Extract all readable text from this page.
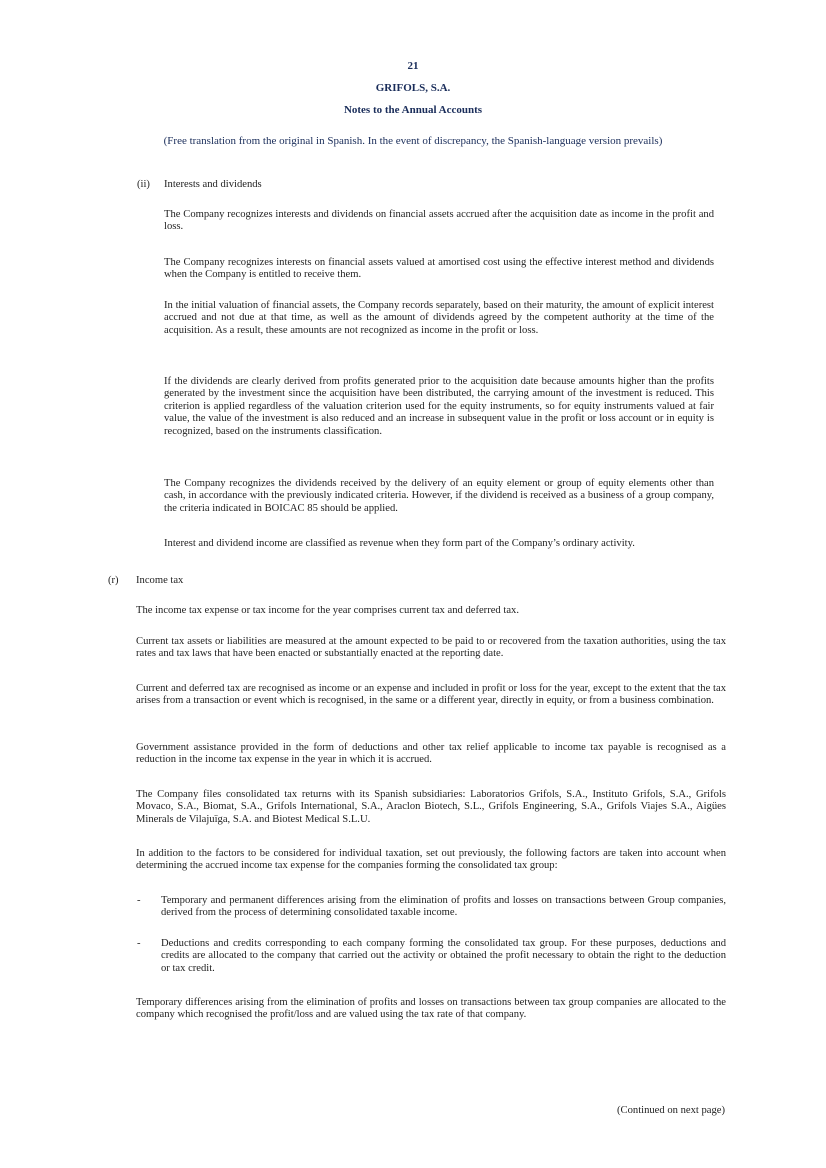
21
GRIFOLS, S.A.
Notes to the Annual Accounts
(Free translation from the original in Spanish. In the event of discrepancy, the Spanish-language version prevails)
(ii) Interests and dividends
The Company recognizes interests and dividends on financial assets accrued after the acquisition date as income in the profit and loss.
The Company recognizes interests on financial assets valued at amortised cost using the effective interest method and dividends when the Company is entitled to receive them.
In the initial valuation of financial assets, the Company records separately, based on their maturity, the amount of explicit interest accrued and not due at that time, as well as the amount of dividends agreed by the competent authority at the time of the acquisition. As a result, these amounts are not recognized as income in the profit or loss.
If the dividends are clearly derived from profits generated prior to the acquisition date because amounts higher than the profits generated by the investment since the acquisition have been distributed, the carrying amount of the investment is reduced. This criterion is applied regardless of the valuation criterion used for the equity instruments, so for equity instruments valued at fair value, the value of the investment is also reduced and an increase in subsequent value in the profit or loss account or in equity is recognized, based on the instruments classification.
The Company recognizes the dividends received by the delivery of an equity element or group of equity elements other than cash, in accordance with the previously indicated criteria. However, if the dividend is received as a business of a group company, the criteria indicated in BOICAC 85 should be applied.
Interest and dividend income are classified as revenue when they form part of the Company’s ordinary activity.
(r) Income tax
The income tax expense or tax income for the year comprises current tax and deferred tax.
Current tax assets or liabilities are measured at the amount expected to be paid to or recovered from the taxation authorities, using the tax rates and tax laws that have been enacted or substantially enacted at the reporting date.
Current and deferred tax are recognised as income or an expense and included in profit or loss for the year, except to the extent that the tax arises from a transaction or event which is recognised, in the same or a different year, directly in equity, or from a business combination.
Government assistance provided in the form of deductions and other tax relief applicable to income tax payable is recognised as a reduction in the income tax expense in the year in which it is accrued.
The Company files consolidated tax returns with its Spanish subsidiaries: Laboratorios Grifols, S.A., Instituto Grifols, S.A., Grifols Movaco, S.A., Biomat, S.A., Grifols International, S.A., Araclon Biotech, S.L., Grifols Engineering, S.A., Grifols Viajes S.A., Aigües Minerals de Vilajuïga, S.A. and Biotest Medical S.L.U.
In addition to the factors to be considered for individual taxation, set out previously, the following factors are taken into account when determining the accrued income tax expense for the companies forming the consolidated tax group:
- Temporary and permanent differences arising from the elimination of profits and losses on transactions between Group companies, derived from the process of determining consolidated taxable income.
- Deductions and credits corresponding to each company forming the consolidated tax group. For these purposes, deductions and credits are allocated to the company that carried out the activity or obtained the profit necessary to obtain the right to the deduction or tax credit.
Temporary differences arising from the elimination of profits and losses on transactions between tax group companies are allocated to the company which recognised the profit/loss and are valued using the tax rate of that company.
(Continued on next page)
